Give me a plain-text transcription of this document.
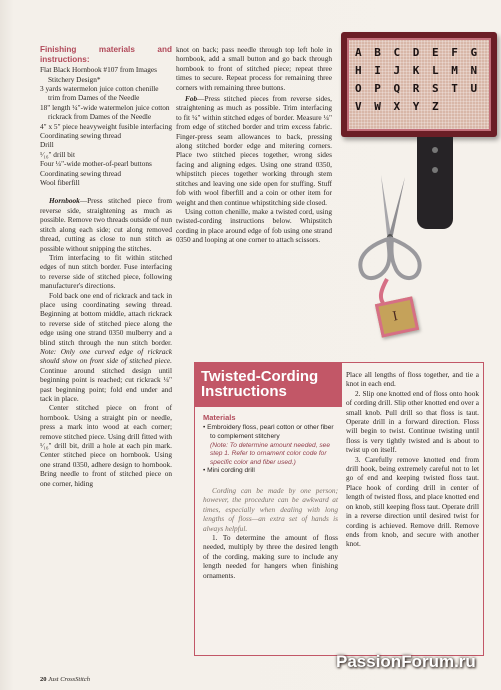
Finishing materials and instructions:
Flat Black Hornbook #107 from Images Stitchery Design*
3 yards watermelon juice cotton chenille trim from Dames of the Needle
18" length ¼"-wide watermelon juice cotton rickrack from Dames of the Needle
4" x 5" piece heavyweight fusible interfacing
Coordinating sewing thread
Drill
¹⁄₁₆" drill bit
Four ¼"-wide mother-of-pearl buttons
Coordinating sewing thread
Wool fiberfill

Hornbook—Press stitched piece from reverse side, straightening as much as possible. Remove two threads outside of nun stitch along each side; cut along removed thread, cutting as close to nun stitch as possible without snipping the stitches.

Trim interfacing to fit within stitched edges of nun stitch border. Fuse interfacing to reverse side of stitched piece, following manufacturer's directions.

Fold back one end of rickrack and tack in place using coordinating sewing thread. Beginning at bottom middle, attach rickrack to reverse side of stitched piece along the edge using one strand 0350 mulberry and a blind stitch through the nun stitch border. Note: Only one curved edge of rickrack should show on front side of stitched piece. Continue around stitched design until beginning point is reached; cut rickrack ¼" past beginning point; fold end under and tack in place.

Center stitched piece on front of hornbook. Using a straight pin or needle, press a mark into wood at each corner; remove stitched piece. Using drill fitted with ¹⁄₁₆" drill bit, drill a hole at each pin mark. Center stitched piece on hornbook. Using one strand 0350, adhere design to hornbook. Bring needle to front of stitched piece on one corner, hiding

knot on back; pass needle through top left hole in hornbook, add a small button and go back through hornbook to front of stitched piece; repeat three times to secure. Repeat process for remaining three corners with remaining three buttons.

Fob—Press stitched pieces from reverse sides, straightening as much as possible. Trim interfacing to fit ¼" within stitched edges of border. Measure ¼" from edge of stitched border and trim excess fabric. Finger-press seam allowances to back, pressing along stitched border edge and mitering corners. Place two stitched pieces together, wrong sides facing and aligning edges. Using one strand 0350, whipstitch pieces together working through stem stitches and leaving one side open for stuffing. Stuff fob with wool fiberfill and a coin or other item for weight and then continue whipstitching side closed.

Using cotton chenille, make a twisted cord, using twisted-cording instructions below. Whipstitch cording in place around edge of fob using one strand 0350 and looping at one corner to attach scissors.

A B C D E F G H I J K L M N O P Q R S T U V W X Y Z
I
Twisted-Cording
Instructions
Materials
• Embroidery floss, pearl cotton or other fiber to complement stitchery
(Note: To determine amount needed, see step 1. Refer to ornament color code for specific color and fiber used.)
• Mini cording drill

Cording can be made by one person; however, the procedure can be awkward at times, especially when dealing with long lengths of floss—an extra set of hands is always helpful.

1. To determine the amount of floss needed, multiply by three the desired length of the cording, making sure to include any length needed for hangers when finishing ornaments.

Place all lengths of floss together, and tie a knot in each end.

2. Slip one knotted end of floss onto hook of cording drill. Slip other knotted end over a small knob. Pull drill so that floss is taut. Operate drill in a forward direction. Floss will begin to twist. Continue twisting until floss is very tightly twisted and is about to twist up on itself.

3. Carefully remove knotted end from drill hook, being extremely careful not to let go of end and keeping twisted floss taut. Place hook of cording drill in center of length of twisted floss, and place knotted end on knob, still keeping floss taut. Operate drill in a reverse direction until desired twist for cording is achieved. Remove drill. Remove ends from knob, and secure with another knot.

PassionForum.ru
20 Just CrossStitch
